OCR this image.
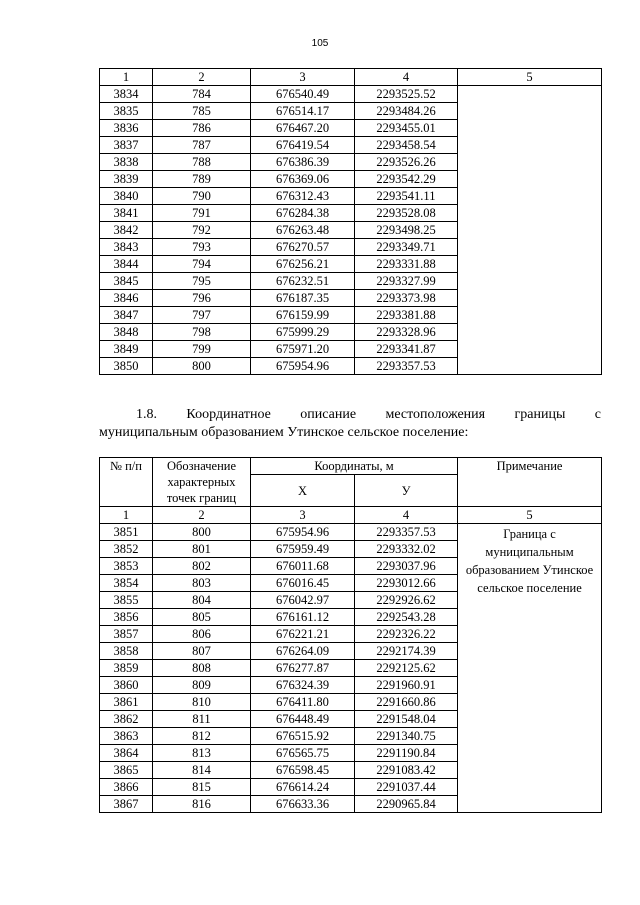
105
1	2	3	4	5
3834	784	676540.49	2293525.52	
3835	785	676514.17	2293484.26	
3836	786	676467.20	2293455.01	
3837	787	676419.54	2293458.54	
3838	788	676386.39	2293526.26	
3839	789	676369.06	2293542.29	
3840	790	676312.43	2293541.11	
3841	791	676284.38	2293528.08	
3842	792	676263.48	2293498.25	
3843	793	676270.57	2293349.71	
3844	794	676256.21	2293331.88	
3845	795	676232.51	2293327.99	
3846	796	676187.35	2293373.98	
3847	797	676159.99	2293381.88	
3848	798	675999.29	2293328.96	
3849	799	675971.20	2293341.87	
3850	800	675954.96	2293357.53	
1.8. Координатное описание местоположения границы с
муниципальным образованием Утинское сельское поселение:
№ п/п	Обозначение характерных точек границ	Координаты, м		Примечание
		X	У	
1	2	3	4	5
3851	800	675954.96	2293357.53	Граница с муниципальным образованием Утинское сельское поселение
3852	801	675959.49	2293332.02	
3853	802	676011.68	2293037.96	
3854	803	676016.45	2293012.66	
3855	804	676042.97	2292926.62	
3856	805	676161.12	2292543.28	
3857	806	676221.21	2292326.22	
3858	807	676264.09	2292174.39	
3859	808	676277.87	2292125.62	
3860	809	676324.39	2291960.91	
3861	810	676411.80	2291660.86	
3862	811	676448.49	2291548.04	
3863	812	676515.92	2291340.75	
3864	813	676565.75	2291190.84	
3865	814	676598.45	2291083.42	
3866	815	676614.24	2291037.44	
3867	816	676633.36	2290965.84	
